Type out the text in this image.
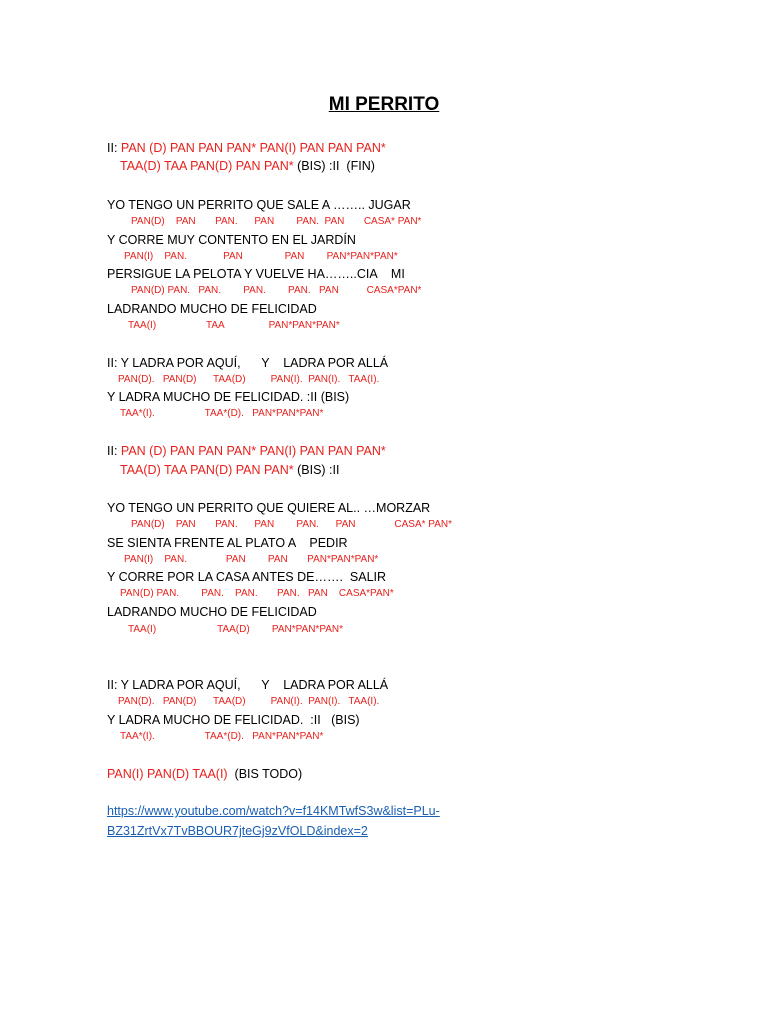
MI PERRITO
II: PAN (D) PAN PAN PAN* PAN(I) PAN PAN PAN*
TAA(D) TAA PAN(D) PAN PAN* (BIS) :II  (FIN)
YO TENGO UN PERRITO QUE SALE A …….. JUGAR
PAN(D)    PAN       PAN.      PAN        PAN.  PAN       CASA* PAN*
Y CORRE MUY CONTENTO EN EL JARDÍN
PAN(I)    PAN.             PAN               PAN        PAN*PAN*PAN*
PERSIGUE LA PELOTA Y VUELVE HA……..CIA    MI
PAN(D) PAN.   PAN.        PAN.        PAN.   PAN          CASA*PAN*
LADRANDO MUCHO DE FELICIDAD
TAA(I)                  TAA                PAN*PAN*PAN*
II: Y LADRA POR AQUÍ,      Y    LADRA POR ALLÁ
PAN(D).   PAN(D)      TAA(D)         PAN(I).  PAN(I).   TAA(I).
Y LADRA MUCHO DE FELICIDAD. :II (BIS)
TAA*(I).                  TAA*(D).   PAN*PAN*PAN*
II: PAN (D) PAN PAN PAN* PAN(I) PAN PAN PAN*
TAA(D) TAA PAN(D) PAN PAN* (BIS) :II
YO TENGO UN PERRITO QUE QUIERE AL.. …MORZAR
PAN(D)    PAN       PAN.      PAN        PAN.      PAN              CASA* PAN*
SE SIENTA FRENTE AL PLATO A    PEDIR
PAN(I)    PAN.              PAN        PAN       PAN*PAN*PAN*
Y CORRE POR LA CASA ANTES DE…….  SALIR
PAN(D) PAN.        PAN.    PAN.       PAN.   PAN    CASA*PAN*
LADRANDO MUCHO DE FELICIDAD
TAA(I)                      TAA(D)        PAN*PAN*PAN*
II: Y LADRA POR AQUÍ,      Y    LADRA POR ALLÁ
PAN(D).   PAN(D)      TAA(D)         PAN(I).  PAN(I).   TAA(I).
Y LADRA MUCHO DE FELICIDAD.  :II   (BIS)
TAA*(I).                  TAA*(D).   PAN*PAN*PAN*
PAN(I) PAN(D) TAA(I)  (BIS TODO)
https://www.youtube.com/watch?v=f14KMTwfS3w&list=PLu-
BZ31ZrtVx7TvBBOUR7jteGj9zVfOLD&index=2
